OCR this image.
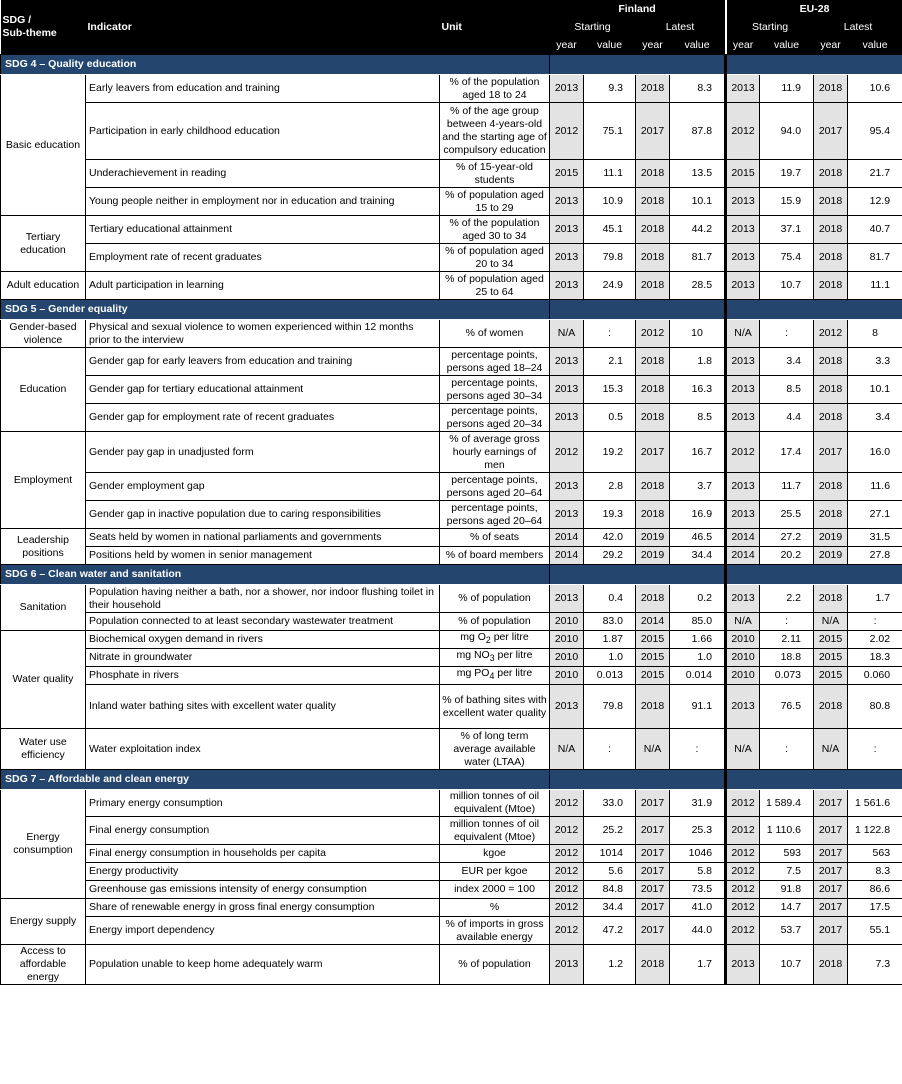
SDG /
Sub-theme	Indicator	Unit	Finland				EU-28			
			Starting		Latest		Starting		Latest	
			year	value	year	value	year	value	year	value
SDG 4 – Quality education										
Basic education	Early leavers from education and training	% of the population aged 18 to 24	2013	9.3	2018	8.3	2013	11.9	2018	10.6
	Participation in early childhood education	% of the age group between 4-years-old and the starting age of compulsory education	2012	75.1	2017	87.8	2012	94.0	2017	95.4
	Underachievement in reading	% of 15-year-old students	2015	11.1	2018	13.5	2015	19.7	2018	21.7
	Young people neither in employment nor in education and training	% of population aged 15 to 29	2013	10.9	2018	10.1	2013	15.9	2018	12.9
Tertiary education	Tertiary educational attainment	% of the population aged 30 to 34	2013	45.1	2018	44.2	2013	37.1	2018	40.7
	Employment rate of recent graduates	% of population aged 20 to 34	2013	79.8	2018	81.7	2013	75.4	2018	81.7
Adult education	Adult participation in learning	% of population aged 25 to 64	2013	24.9	2018	28.5	2013	10.7	2018	11.1
SDG 5 – Gender equality										
Gender-based violence	Physical and sexual violence to women experienced within 12 months prior to the interview	% of women	N/A	:	2012	10	N/A	:	2012	8
Education	Gender gap for early leavers from education and training	percentage points, persons aged 18–24	2013	2.1	2018	1.8	2013	3.4	2018	3.3
	Gender gap for tertiary educational attainment	percentage points, persons aged 30–34	2013	15.3	2018	16.3	2013	8.5	2018	10.1
	Gender gap for employment rate of recent graduates	percentage points, persons aged 20–34	2013	0.5	2018	8.5	2013	4.4	2018	3.4
Employment	Gender pay gap in unadjusted form	% of average gross hourly earnings of men	2012	19.2	2017	16.7	2012	17.4	2017	16.0
	Gender employment gap	percentage points, persons aged 20–64	2013	2.8	2018	3.7	2013	11.7	2018	11.6
	Gender gap in inactive population due to caring responsibilities	percentage points, persons aged 20–64	2013	19.3	2018	16.9	2013	25.5	2018	27.1
Leadership positions	Seats held by women in national parliaments and governments	% of seats	2014	42.0	2019	46.5	2014	27.2	2019	31.5
	Positions held by women in senior management	% of board members	2014	29.2	2019	34.4	2014	20.2	2019	27.8
SDG 6 – Clean water and sanitation										
Sanitation	Population having neither a bath, nor a shower, nor indoor flushing toilet in their household	% of population	2013	0.4	2018	0.2	2013	2.2	2018	1.7
	Population connected to at least secondary wastewater treatment	% of population	2010	83.0	2014	85.0	N/A	:	N/A	:
Water quality	Biochemical oxygen demand in rivers	mg $O_2$ per litre	2010	1.87	2015	1.66	2010	2.11	2015	2.02
	Nitrate in groundwater	mg $NO_3$ per litre	2010	1.0	2015	1.0	2010	18.8	2015	18.3
	Phosphate in rivers	mg $PO_4$ per litre	2010	0.013	2015	0.014	2010	0.073	2015	0.060
	Inland water bathing sites with excellent water quality	% of bathing sites with excellent water quality	2013	79.8	2018	91.1	2013	76.5	2018	80.8
Water use efficiency	Water exploitation index	% of long term average available water (LTAA)	N/A	:	N/A	:	N/A	:	N/A	:
SDG 7 – Affordable and clean energy										
Energy consumption	Primary energy consumption	million tonnes of oil equivalent (Mtoe)	2012	33.0	2017	31.9	2012	1 589.4	2017	1 561.6
	Final energy consumption	million tonnes of oil equivalent (Mtoe)	2012	25.2	2017	25.3	2012	1 110.6	2017	1 122.8
	Final energy consumption in households per capita	kgoe	2012	1014	2017	1046	2012	593	2017	563
	Energy productivity	EUR per kgoe	2012	5.6	2017	5.8	2012	7.5	2017	8.3
	Greenhouse gas emissions intensity of energy consumption	index 2000 = 100	2012	84.8	2017	73.5	2012	91.8	2017	86.6
Energy supply	Share of renewable energy in gross final energy consumption	%	2012	34.4	2017	41.0	2012	14.7	2017	17.5
	Energy import dependency	% of imports in gross available energy	2012	47.2	2017	44.0	2012	53.7	2017	55.1
Access to affordable energy	Population unable to keep home adequately warm	% of population	2013	1.2	2018	1.7	2013	10.7	2018	7.3
